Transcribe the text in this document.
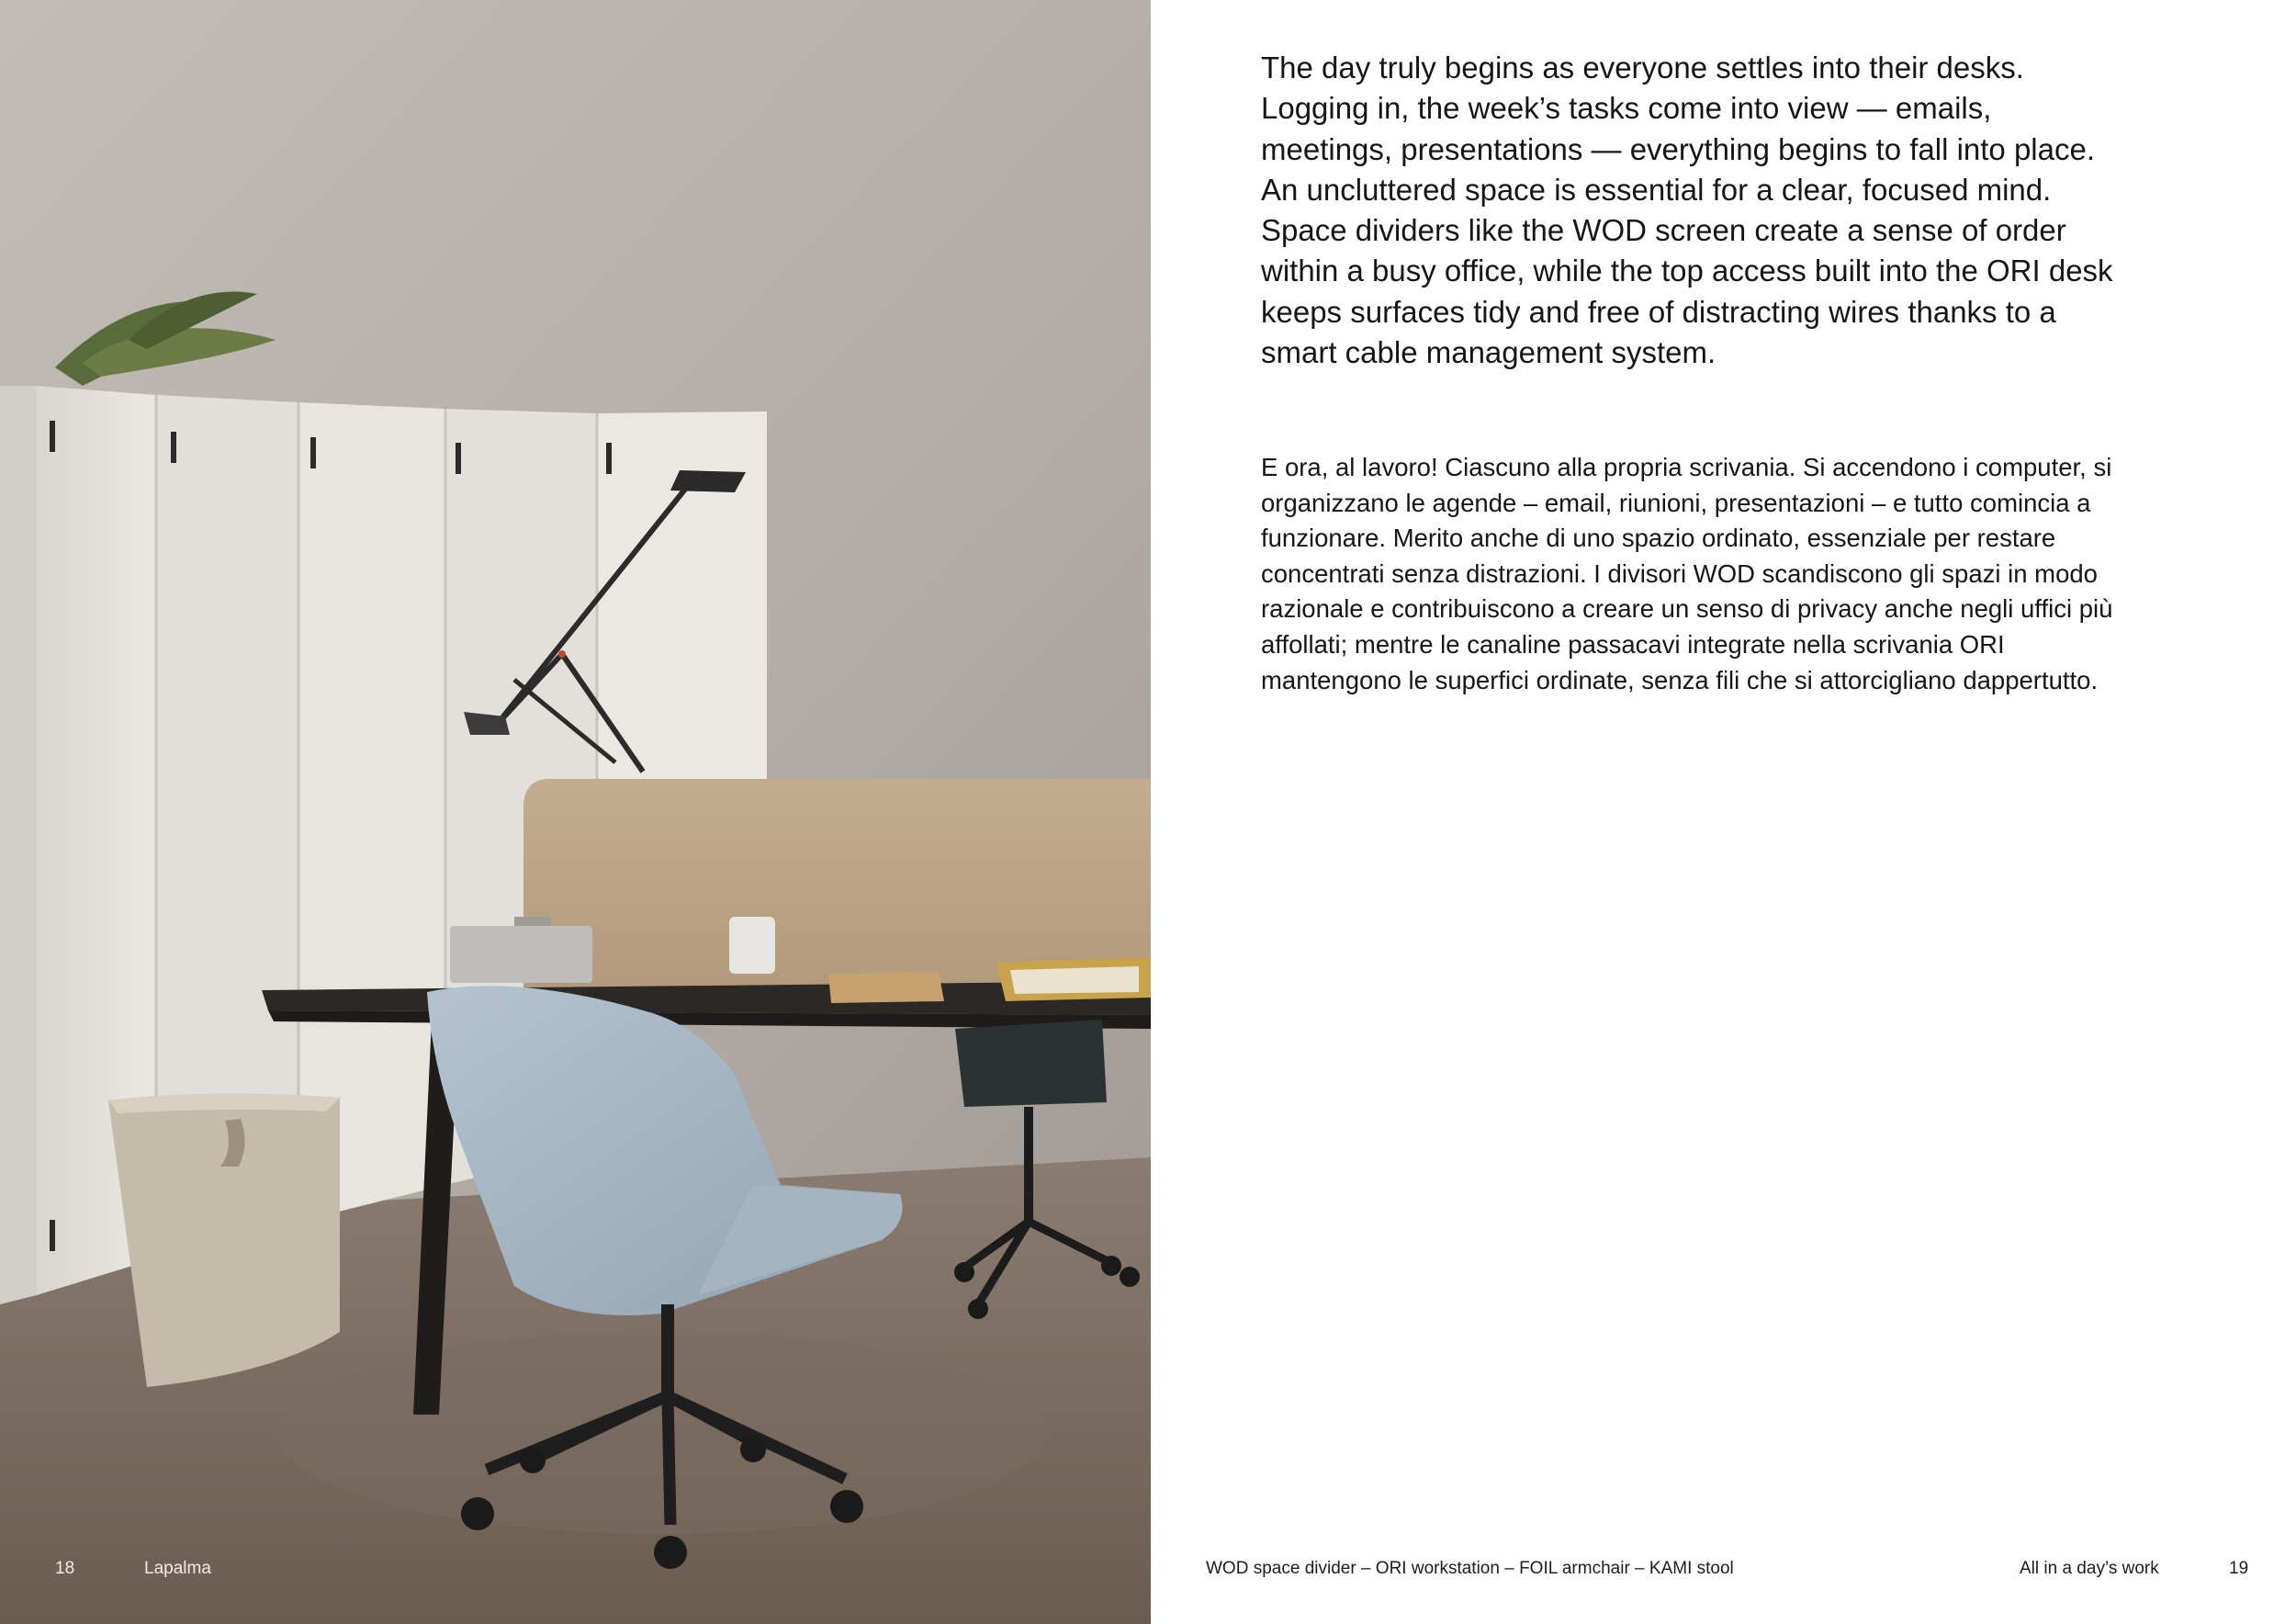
The day truly begins as everyone settles into their desks. Logging in, the week’s tasks come into view — emails, meetings, presentations — everything begins to fall into place. An uncluttered space is essential for a clear, focused mind. Space dividers like the WOD screen create a sense of order within a busy office, while the top access built into the ORI desk keeps surfaces tidy and free of distracting wires thanks to a smart cable management system.

E ora, al lavoro! Ciascuno alla propria scrivania. Si accendono i computer, si organizzano le agende – email, riunioni, presentazioni – e tutto comincia a funzionare. Merito anche di uno spazio ordinato, essenziale per restare concentrati senza distrazioni. I divisori WOD scandiscono gli spazi in modo razionale e contribuiscono a creare un senso di privacy anche negli uffici più affollati; mentre le canaline passacavi integrate nella scrivania ORI mantengono le superfici ordinate, senza fili che si attorcigliano dappertutto.

18	Lapalma	WOD space divider – ORI workstation – FOIL armchair – KAMI stool	All in a day’s work	19
